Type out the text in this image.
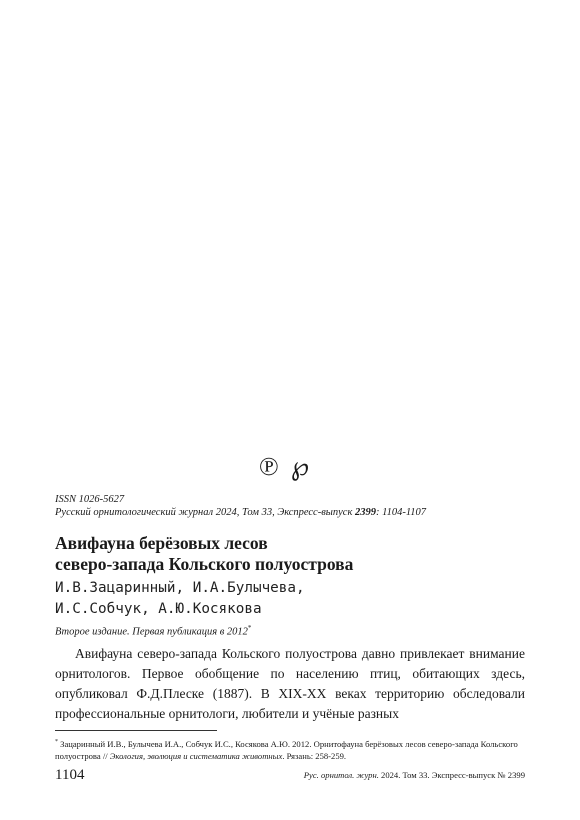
℗℘
ISSN 1026-5627
Русский орнитологический журнал 2024, Том 33, Экспресс-выпуск 2399: 1104-1107
Авифауна берёзовых лесов
северо-запада Кольского полуострова
И.В.Зацаринный, И.А.Булычева,
И.С.Собчук, А.Ю.Косякова
Второе издание. Первая публикация в 2012*

Авифауна северо-запада Кольского полуострова давно привлекает внимание орнитологов. Первое обобщение по населению птиц, обитающих здесь, опубликовал Ф.Д.Плеске (1887). В XIX-XX веках территорию обследовали профессиональные орнитологи, любители и учёные разных

* Зацаринный И.В., Булычева И.А., Собчук И.С., Косякова А.Ю. 2012. Орнитофауна берёзовых лесов северо-запада Кольского полуострова // Экология, эволюция и систематика животных. Рязань: 258-259.
1104	Рус. орнитол. журн. 2024. Том 33. Экспресс-выпуск № 2399
